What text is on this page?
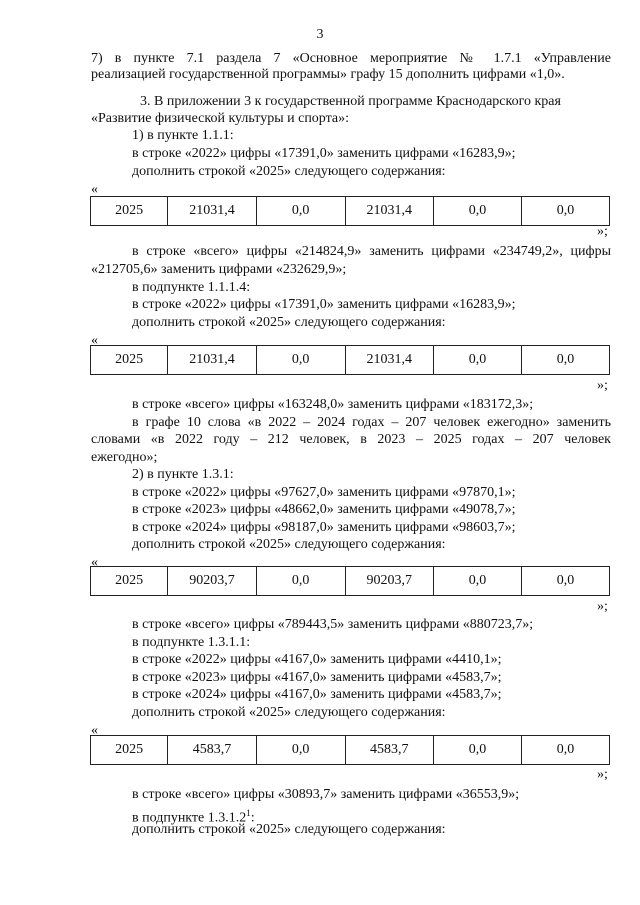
3
7) в пункте 7.1 раздела 7 «Основное мероприятие № 1.7.1 «Управление
реализацией государственной программы» графу 15 дополнить цифрами «1,0».
3. В приложении 3 к государственной программе Краснодарского края
«Развитие физической культуры и спорта»:
1) в пункте 1.1.1:
в строке «2022» цифры «17391,0» заменить цифрами «16283,9»;
дополнить строкой «2025» следующего содержания:
«
2025	21031,4	0,0	21031,4	0,0	0,0
»;
в строке «всего» цифры «214824,9» заменить цифрами «234749,2», цифры
«212705,6» заменить цифрами «232629,9»;
в подпункте 1.1.1.4:
в строке «2022» цифры «17391,0» заменить цифрами «16283,9»;
дополнить строкой «2025» следующего содержания:
«
2025	21031,4	0,0	21031,4	0,0	0,0
»;
в строке «всего» цифры «163248,0» заменить цифрами «183172,3»;
в графе 10 слова «в 2022 – 2024 годах – 207 человек ежегодно» заменить
словами «в 2022 году – 212 человек, в 2023 – 2025 годах – 207 человек
ежегодно»;
2) в пункте 1.3.1:
в строке «2022» цифры «97627,0» заменить цифрами «97870,1»;
в строке «2023» цифры «48662,0» заменить цифрами «49078,7»;
в строке «2024» цифры «98187,0» заменить цифрами «98603,7»;
дополнить строкой «2025» следующего содержания:
«
2025	90203,7	0,0	90203,7	0,0	0,0
»;
в строке «всего» цифры «789443,5» заменить цифрами «880723,7»;
в подпункте 1.3.1.1:
в строке «2022» цифры «4167,0» заменить цифрами «4410,1»;
в строке «2023» цифры «4167,0» заменить цифрами «4583,7»;
в строке «2024» цифры «4167,0» заменить цифрами «4583,7»;
дополнить строкой «2025» следующего содержания:
«
2025	4583,7	0,0	4583,7	0,0	0,0
»;
в строке «всего» цифры «30893,7» заменить цифрами «36553,9»;
в подпункте 1.3.1.2$^1$:
дополнить строкой «2025» следующего содержания:
